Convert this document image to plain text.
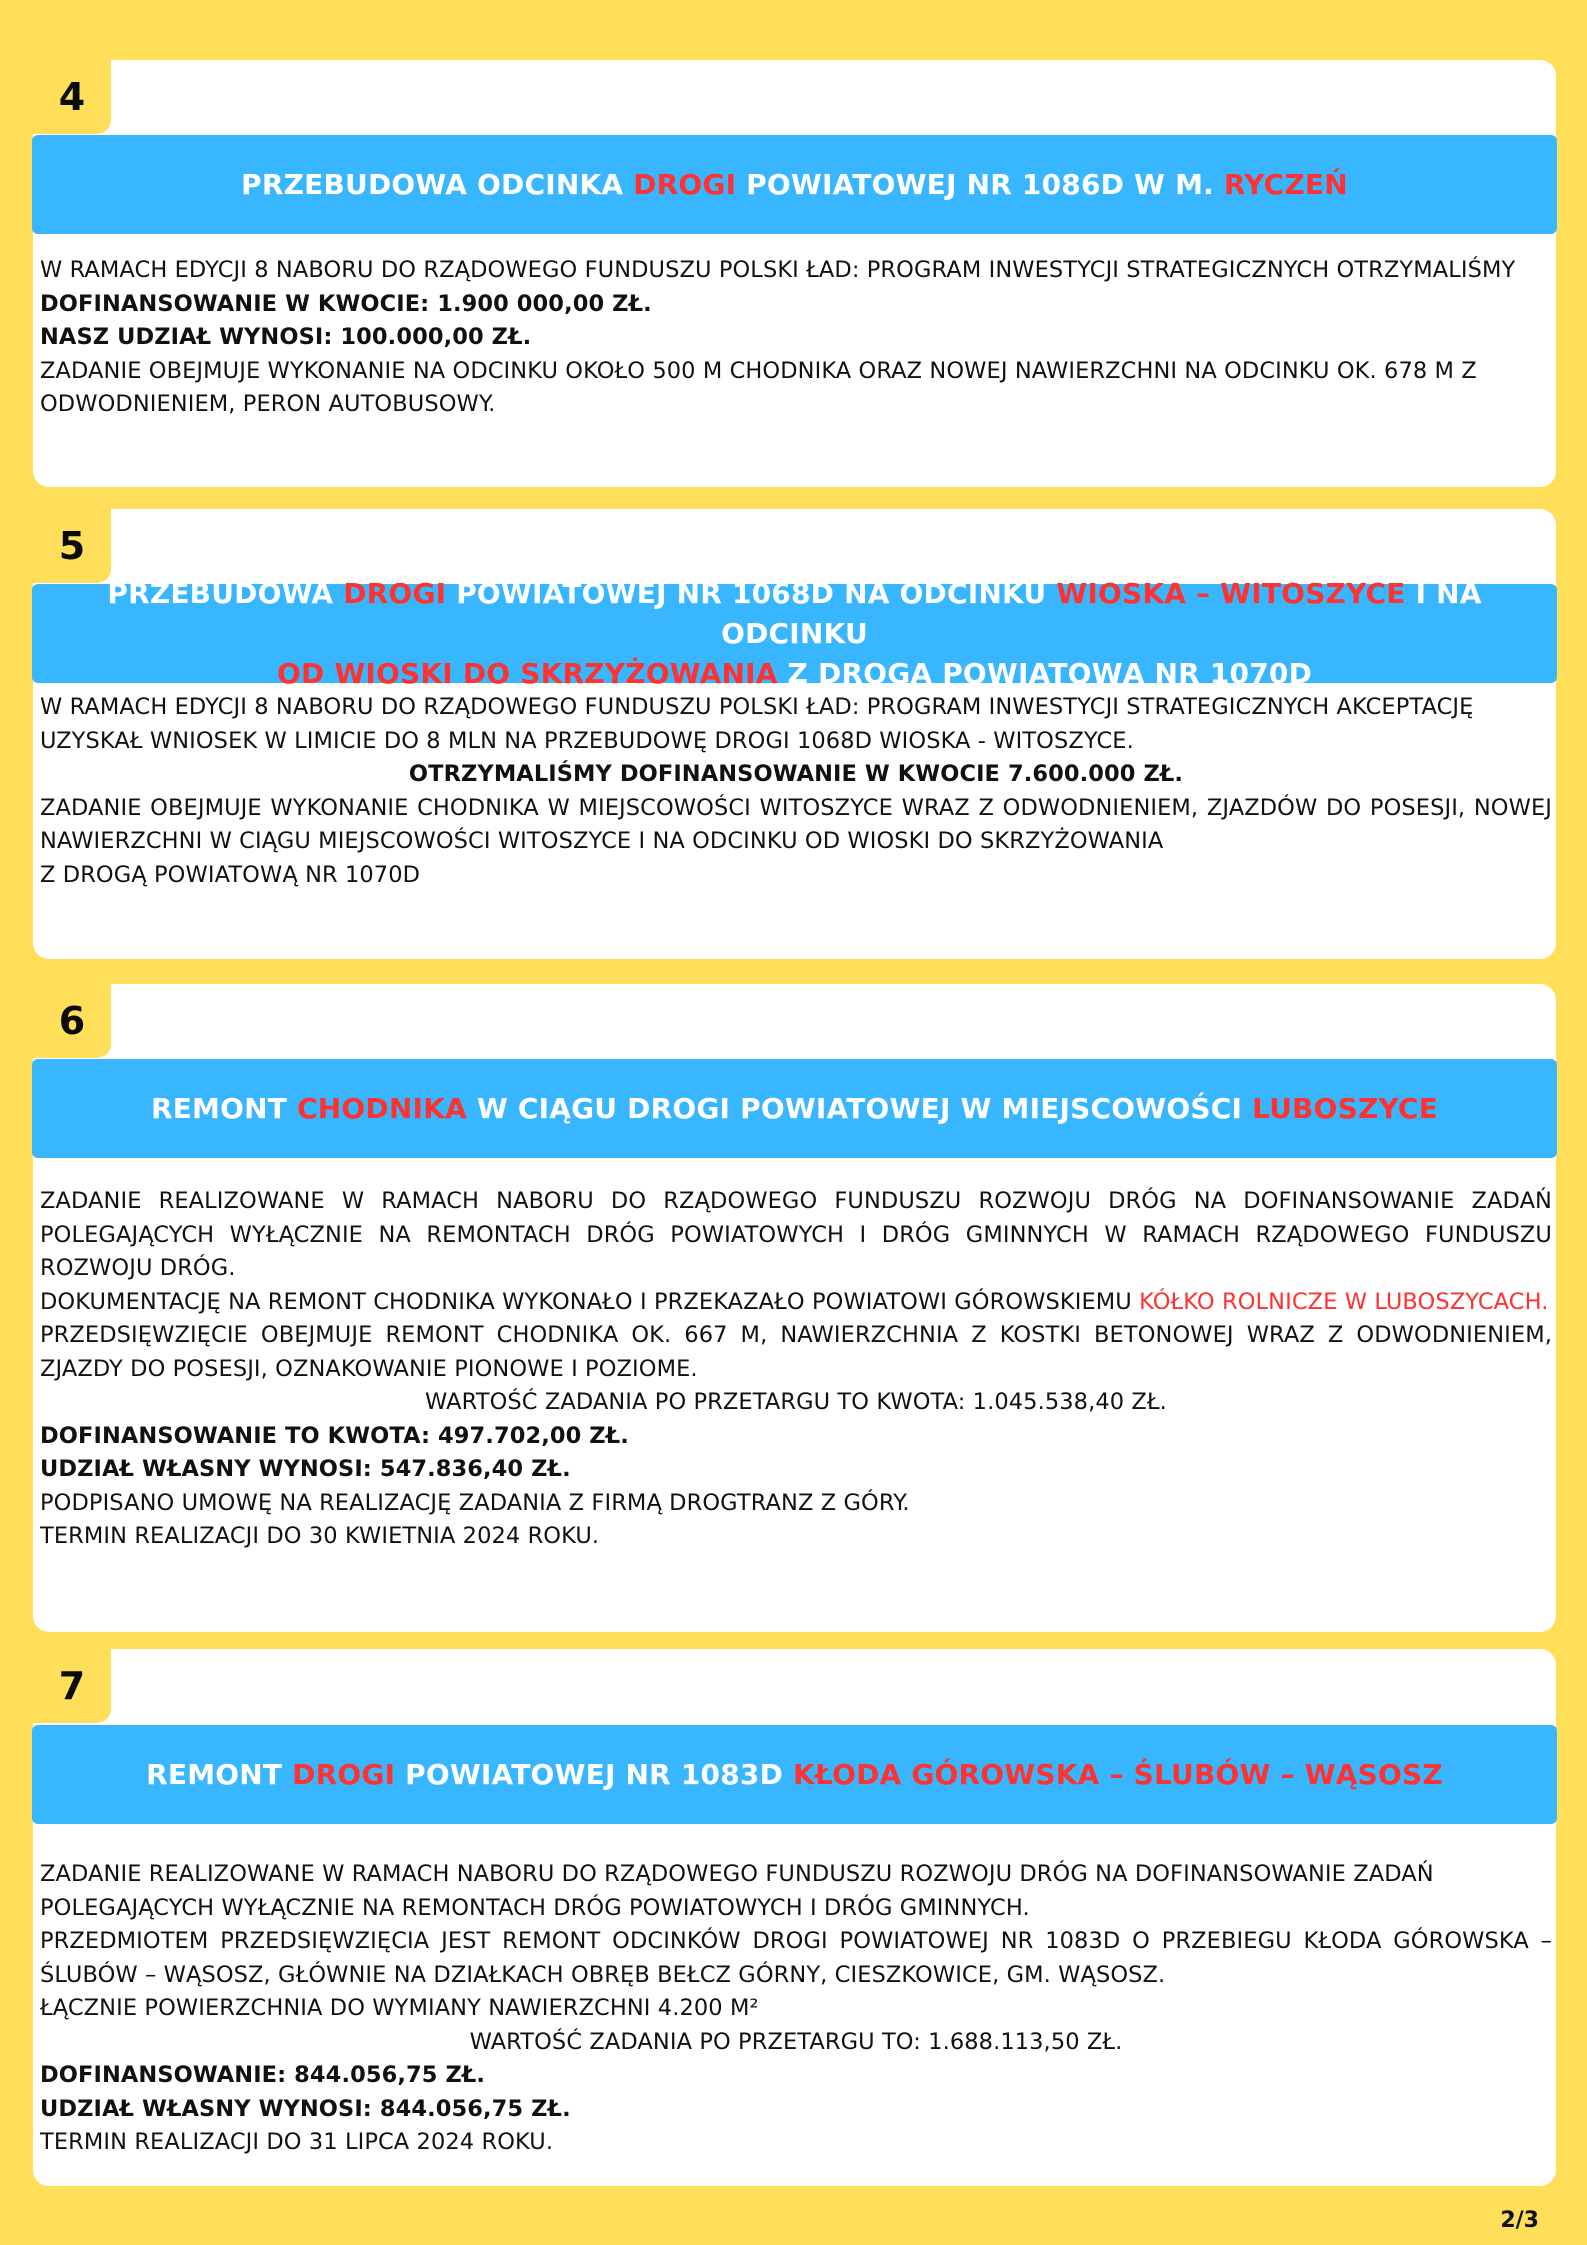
4
PRZEBUDOWA ODCINKA DROGI POWIATOWEJ NR 1086D W M. RYCZEŃ

W RAMACH EDYCJI 8 NABORU DO RZĄDOWEGO FUNDUSZU POLSKI ŁAD: PROGRAM INWESTYCJI STRATEGICZNYCH OTRZYMALIŚMY DOFINANSOWANIE W KWOCIE: 1.900 000,00 ZŁ.

NASZ UDZIAŁ WYNOSI: 100.000,00 ZŁ.

ZADANIE OBEJMUJE WYKONANIE NA ODCINKU OKOŁO 500 M CHODNIKA ORAZ NOWEJ NAWIERZCHNI NA ODCINKU OK. 678 M Z ODWODNIENIEM, PERON AUTOBUSOWY.

5
PRZEBUDOWA DROGI POWIATOWEJ NR 1068D NA ODCINKU WIOSKA – WITOSZYCE I NA ODCINKU
OD WIOSKI DO SKRZYŻOWANIA Z DROGĄ POWIATOWĄ NR 1070D

W RAMACH EDYCJI 8 NABORU DO RZĄDOWEGO FUNDUSZU POLSKI ŁAD: PROGRAM INWESTYCJI STRATEGICZNYCH AKCEPTACJĘ UZYSKAŁ WNIOSEK W LIMICIE DO 8 MLN NA PRZEBUDOWĘ DROGI 1068D WIOSKA - WITOSZYCE.

OTRZYMALIŚMY DOFINANSOWANIE W KWOCIE 7.600.000 ZŁ.

ZADANIE OBEJMUJE WYKONANIE CHODNIKA W MIEJSCOWOŚCI WITOSZYCE WRAZ Z ODWODNIENIEM, ZJAZDÓW DO POSESJI, NOWEJ NAWIERZCHNI W CIĄGU MIEJSCOWOŚCI WITOSZYCE I NA ODCINKU OD WIOSKI DO SKRZYŻOWANIA

Z DROGĄ POWIATOWĄ NR 1070D

6
REMONT CHODNIKA W CIĄGU DROGI POWIATOWEJ W MIEJSCOWOŚCI LUBOSZYCE

ZADANIE REALIZOWANE W RAMACH NABORU DO RZĄDOWEGO FUNDUSZU ROZWOJU DRÓG NA DOFINANSOWANIE ZADAŃ POLEGAJĄCYCH WYŁĄCZNIE NA REMONTACH DRÓG POWIATOWYCH I DRÓG GMINNYCH W RAMACH RZĄDOWEGO FUNDUSZU ROZWOJU DRÓG.

DOKUMENTACJĘ NA REMONT CHODNIKA WYKONAŁO I PRZEKAZAŁO POWIATOWI GÓROWSKIEMU KÓŁKO ROLNICZE W LUBOSZYCACH.

PRZEDSIĘWZIĘCIE OBEJMUJE REMONT CHODNIKA OK. 667 M, NAWIERZCHNIA Z KOSTKI BETONOWEJ WRAZ Z ODWODNIENIEM, ZJAZDY DO POSESJI, OZNAKOWANIE PIONOWE I POZIOME.

WARTOŚĆ ZADANIA PO PRZETARGU TO KWOTA: 1.045.538,40 ZŁ.

DOFINANSOWANIE TO KWOTA: 497.702,00 ZŁ.

UDZIAŁ WŁASNY WYNOSI: 547.836,40 ZŁ.

PODPISANO UMOWĘ NA REALIZACJĘ ZADANIA Z FIRMĄ DROGTRANZ Z GÓRY.

TERMIN REALIZACJI DO 30 KWIETNIA 2024 ROKU.

7
REMONT DROGI POWIATOWEJ NR 1083D KŁODA GÓROWSKA – ŚLUBÓW – WĄSOSZ

ZADANIE REALIZOWANE W RAMACH NABORU DO RZĄDOWEGO FUNDUSZU ROZWOJU DRÓG NA DOFINANSOWANIE ZADAŃ POLEGAJĄCYCH WYŁĄCZNIE NA REMONTACH DRÓG POWIATOWYCH I DRÓG GMINNYCH.

PRZEDMIOTEM PRZEDSIĘWZIĘCIA JEST REMONT ODCINKÓW DROGI POWIATOWEJ NR 1083D O PRZEBIEGU KŁODA GÓROWSKA – ŚLUBÓW – WĄSOSZ, GŁÓWNIE NA DZIAŁKACH OBRĘB BEŁCZ GÓRNY, CIESZKOWICE, GM. WĄSOSZ.

ŁĄCZNIE POWIERZCHNIA DO WYMIANY NAWIERZCHNI 4.200 M²

WARTOŚĆ ZADANIA PO PRZETARGU TO: 1.688.113,50 ZŁ.

DOFINANSOWANIE: 844.056,75 ZŁ.

UDZIAŁ WŁASNY WYNOSI: 844.056,75 ZŁ.

TERMIN REALIZACJI DO 31 LIPCA 2024 ROKU.

2/3
